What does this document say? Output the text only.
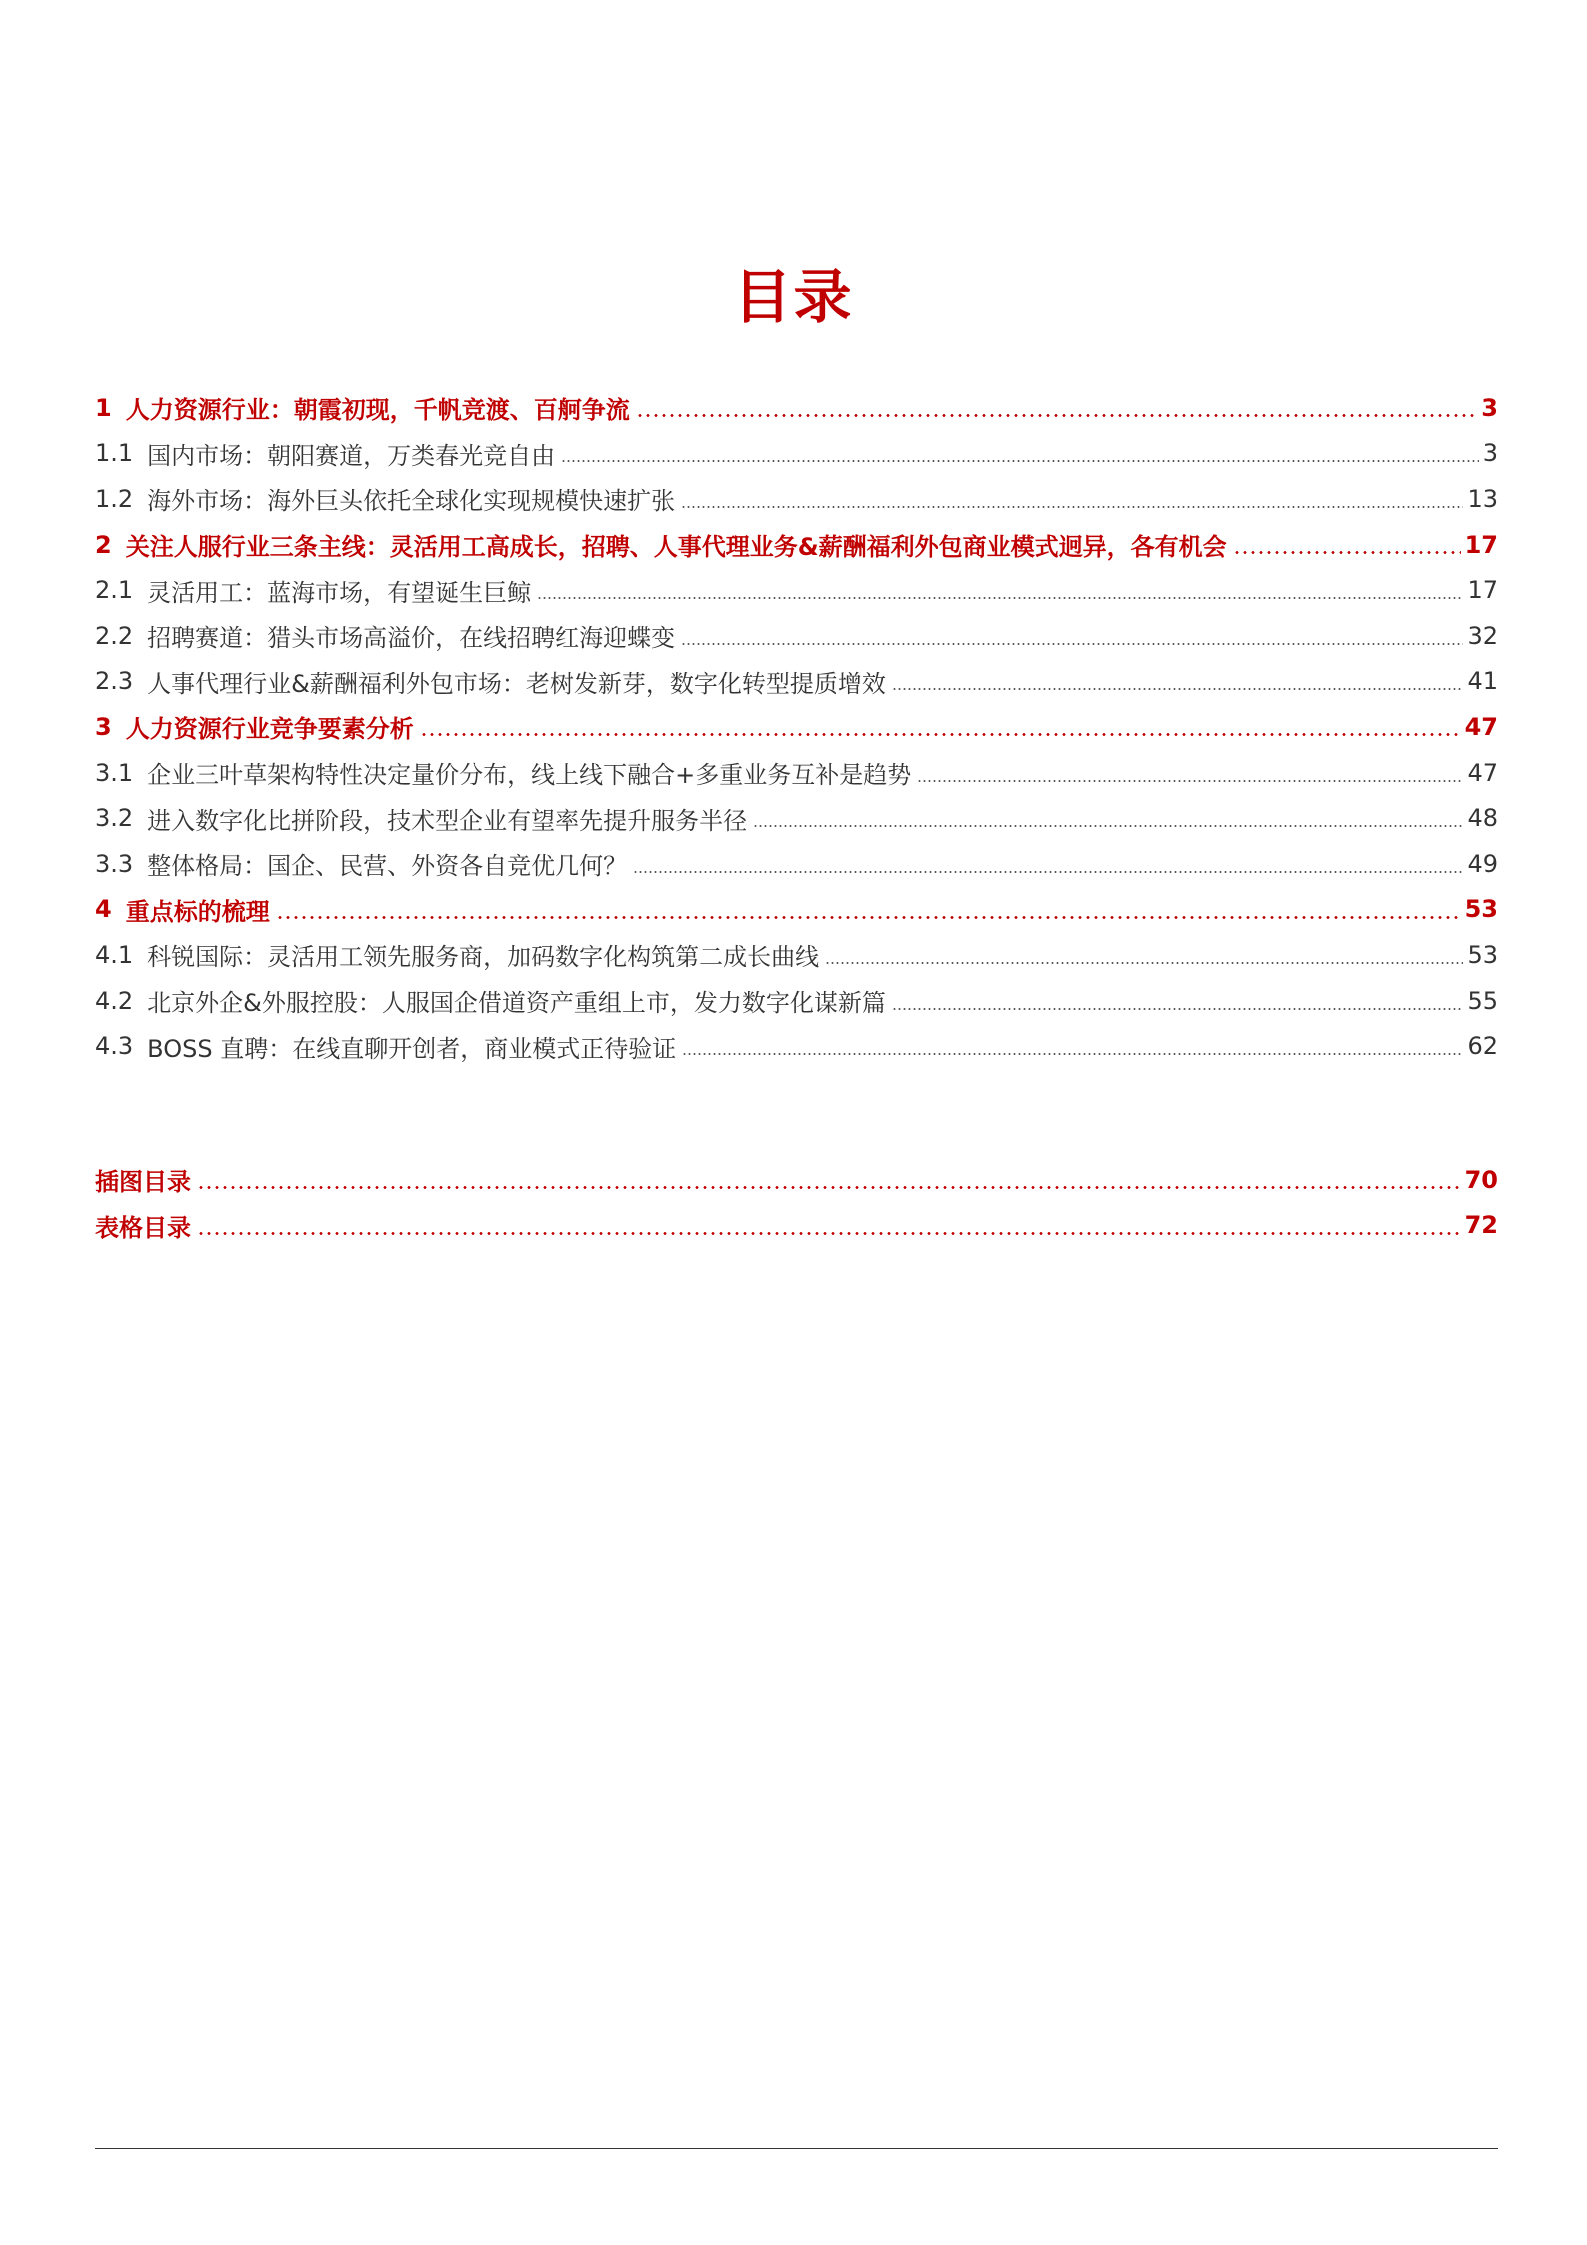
目录
1 人力资源行业：朝霞初现，千帆竞渡、百舸争流	3
1.1 国内市场：朝阳赛道，万类春光竞自由	3
1.2 海外市场：海外巨头依托全球化实现规模快速扩张	13
2 关注人服行业三条主线：灵活用工高成长，招聘、人事代理业务&薪酬福利外包商业模式迥异，各有机会	17
2.1 灵活用工：蓝海市场，有望诞生巨鲸	17
2.2 招聘赛道：猎头市场高溢价，在线招聘红海迎蝶变	32
2.3 人事代理行业&薪酬福利外包市场：老树发新芽，数字化转型提质增效	41
3 人力资源行业竞争要素分析	47
3.1 企业三叶草架构特性决定量价分布，线上线下融合+多重业务互补是趋势	47
3.2 进入数字化比拼阶段，技术型企业有望率先提升服务半径	48
3.3 整体格局：国企、民营、外资各自竞优几何？	49
4 重点标的梳理	53
4.1 科锐国际：灵活用工领先服务商，加码数字化构筑第二成长曲线	53
4.2 北京外企&外服控股：人服国企借道资产重组上市，发力数字化谋新篇	55
4.3 BOSS 直聘：在线直聊开创者，商业模式正待验证	62
插图目录	70
表格目录	72
